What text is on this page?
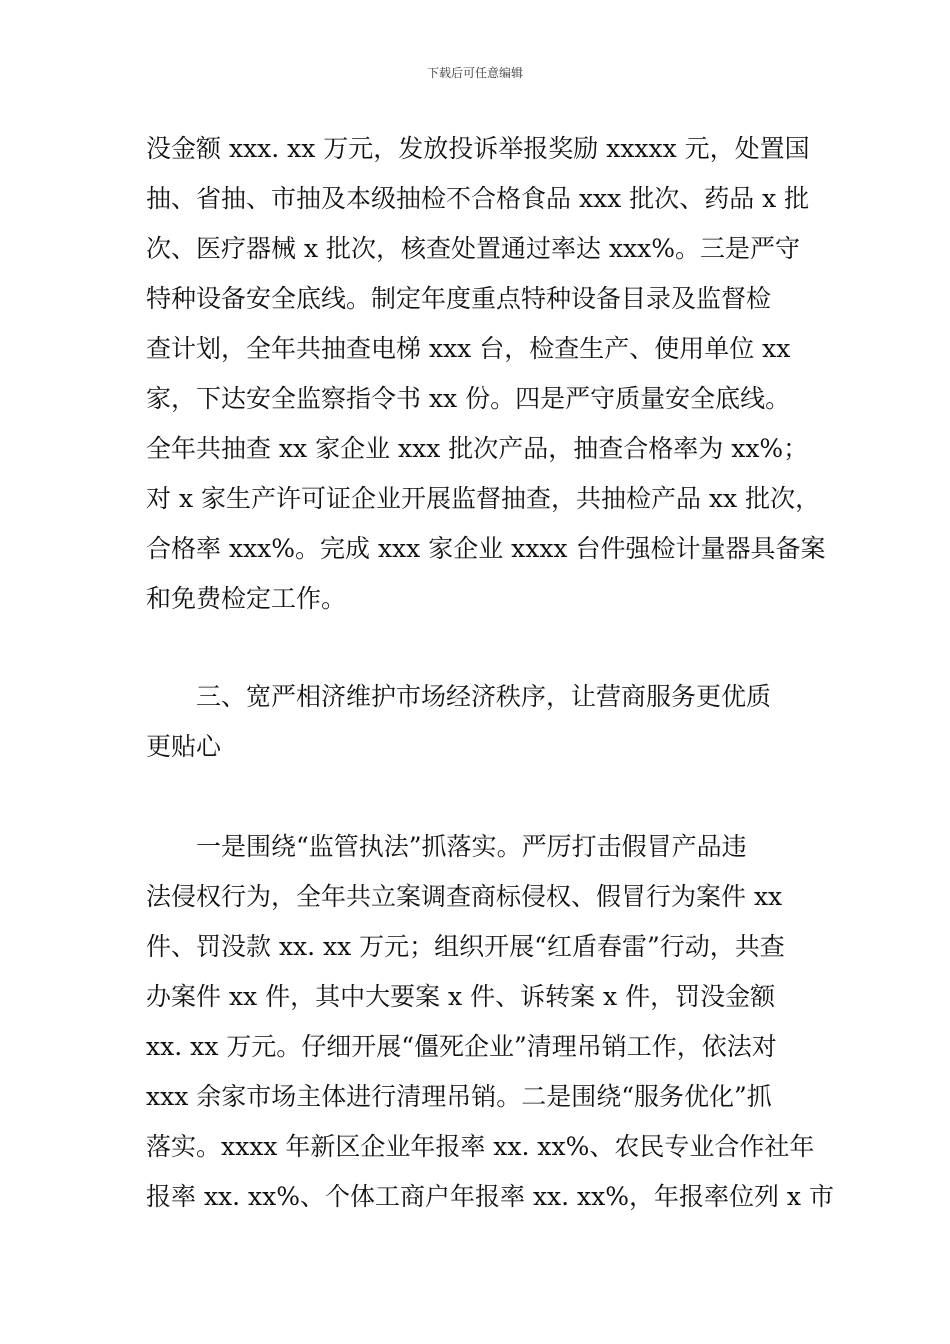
下载后可任意编辑
没金额 xxx. xx 万元，发放投诉举报奖励 xxxxx 元，处置国
抽、省抽、市抽及本级抽检不合格食品 xxx 批次、药品 x 批
次、医疗器械 x 批次，核查处置通过率达 xxx%。三是严守
特种设备安全底线。制定年度重点特种设备目录及监督检
查计划，全年共抽查电梯 xxx 台，检查生产、使用单位 xx
家，下达安全监察指令书 xx 份。四是严守质量安全底线。
全年共抽查 xx 家企业 xxx 批次产品，抽查合格率为 xx%；
对 x 家生产许可证企业开展监督抽查，共抽检产品 xx 批次，
合格率 xxx%。完成 xxx 家企业 xxxx 台件强检计量器具备案
和免费检定工作。
三、宽严相济维护市场经济秩序，让营商服务更优质
更贴心
一是围绕“监管执法”抓落实。严厉打击假冒产品违
法侵权行为，全年共立案调查商标侵权、假冒行为案件 xx
件、罚没款 xx. xx 万元；组织开展“红盾春雷”行动，共查
办案件 xx 件，其中大要案 x 件、诉转案 x 件，罚没金额
xx. xx 万元。仔细开展“僵死企业”清理吊销工作，依法对
xxx 余家市场主体进行清理吊销。二是围绕“服务优化”抓
落实。xxxx 年新区企业年报率 xx. xx%、农民专业合作社年
报率 xx. xx%、个体工商户年报率 xx. xx%，年报率位列 x 市
